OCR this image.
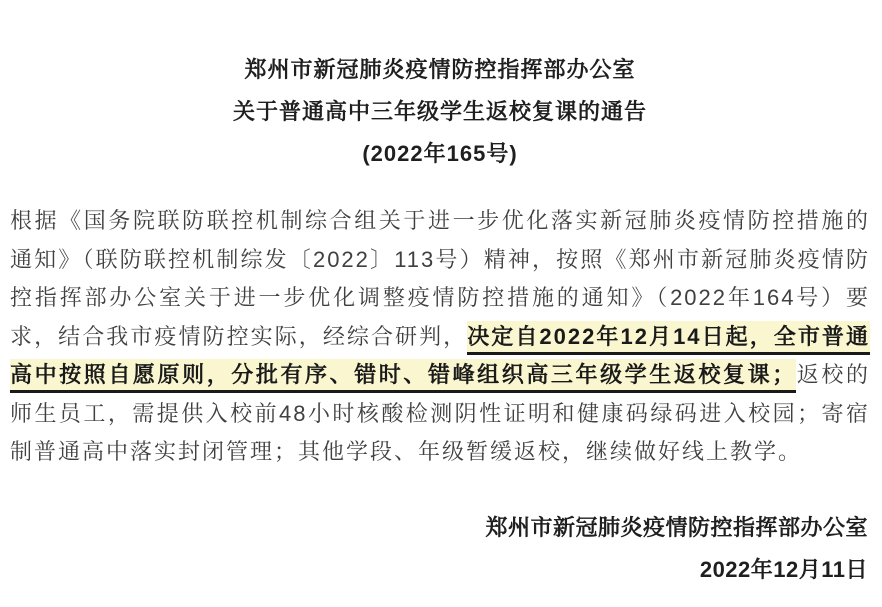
郑州市新冠肺炎疫情防控指挥部办公室
关于普通高中三年级学生返校复课的通告
(2022年165号)

根据《国务院联防联控机制综合组关于进一步优化落实新冠肺炎疫情防控措施的通知》（联防联控机制综发〔2022〕113号）精神，按照《郑州市新冠肺炎疫情防控指挥部办公室关于进一步优化调整疫情防控措施的通知》（2022年164号）要求，结合我市疫情防控实际，经综合研判，决定自2022年12月14日起，全市普通高中按照自愿原则，分批有序、错时、错峰组织高三年级学生返校复课；返校的师生员工，需提供入校前48小时核酸检测阴性证明和健康码绿码进入校园；寄宿制普通高中落实封闭管理；其他学段、年级暂缓返校，继续做好线上教学。

郑州市新冠肺炎疫情防控指挥部办公室
2022年12月11日
